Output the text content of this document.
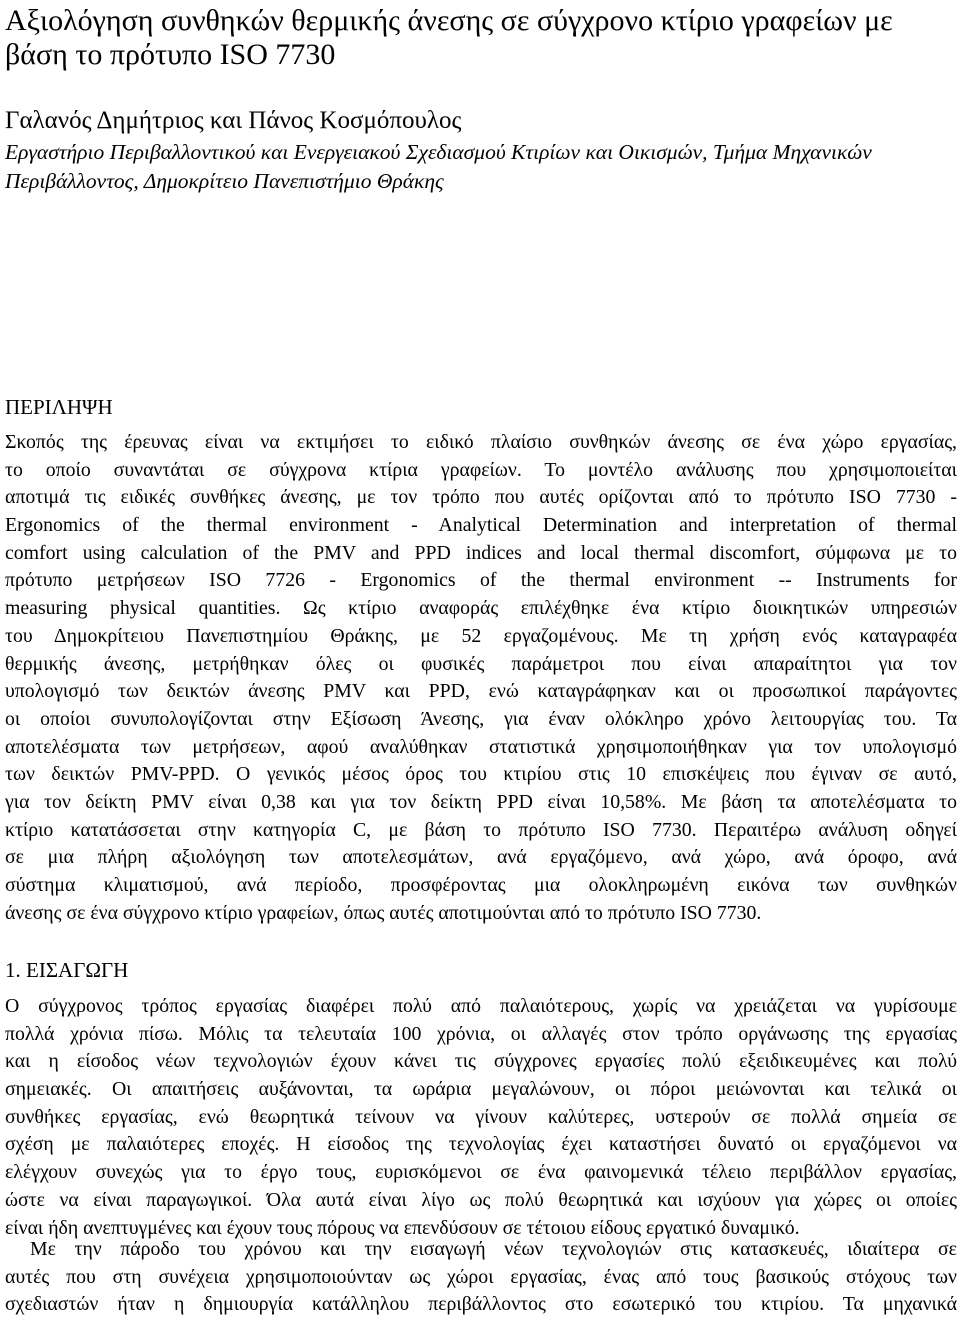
Αξιολόγηση συνθηκών θερμικής άνεσης σε σύγχρονο κτίριο γραφείων με
βάση το πρότυπο ISO 7730

Γαλανός Δημήτριος και Πάνος Κοσμόπουλος

Εργαστήριο Περιβαλλοντικού και Ενεργειακού Σχεδιασμού Κτιρίων και Οικισμών, Τμήμα Μηχανικών
Περιβάλλοντος, Δημοκρίτειο Πανεπιστήμιο Θράκης

ΠΕΡΙΛΗΨΗ

Σκοπός της έρευνας είναι να εκτιμήσει το ειδικό πλαίσιο συνθηκών άνεσης σε ένα χώρο εργασίας,
το οποίο συναντάται σε σύγχρονα κτίρια γραφείων. Το μοντέλο ανάλυσης που χρησιμοποιείται
αποτιμά τις ειδικές συνθήκες άνεσης, με τον τρόπο που αυτές ορίζονται από το πρότυπο ISO 7730 -
Ergonomics of the thermal environment - Analytical Determination and interpretation of thermal
comfort using calculation of the PMV and PPD indices and local thermal discomfort, σύμφωνα με το
πρότυπο μετρήσεων ISO 7726 - Ergonomics of the thermal environment -- Instruments for
measuring physical quantities. Ως κτίριο αναφοράς επιλέχθηκε ένα κτίριο διοικητικών υπηρεσιών
του Δημοκρίτειου Πανεπιστημίου Θράκης, με 52 εργαζομένους. Με τη χρήση ενός καταγραφέα
θερμικής άνεσης, μετρήθηκαν όλες οι φυσικές παράμετροι που είναι απαραίτητοι για τον
υπολογισμό των δεικτών άνεσης PMV και PPD, ενώ καταγράφηκαν και οι προσωπικοί παράγοντες
οι οποίοι συνυπολογίζονται στην Εξίσωση Άνεσης, για έναν ολόκληρο χρόνο λειτουργίας του. Τα
αποτελέσματα των μετρήσεων, αφού αναλύθηκαν στατιστικά χρησιμοποιήθηκαν για τον υπολογισμό
των δεικτών PMV-PPD. Ο γενικός μέσος όρος του κτιρίου στις 10 επισκέψεις που έγιναν σε αυτό,
για τον δείκτη PMV είναι 0,38 και για τον δείκτη PPD είναι 10,58%. Με βάση τα αποτελέσματα το
κτίριο κατατάσσεται στην κατηγορία C, με βάση το πρότυπο ISO 7730. Περαιτέρω ανάλυση οδηγεί
σε μια πλήρη αξιολόγηση των αποτελεσμάτων, ανά εργαζόμενο, ανά χώρο, ανά όροφο, ανά
σύστημα κλιματισμού, ανά περίοδο, προσφέροντας μια ολοκληρωμένη εικόνα των συνθηκών
άνεσης σε ένα σύγχρονο κτίριο γραφείων, όπως αυτές αποτιμούνται από το πρότυπο ISO 7730.

1. ΕΙΣΑΓΩΓΗ

Ο σύγχρονος τρόπος εργασίας διαφέρει πολύ από παλαιότερους, χωρίς να χρειάζεται να γυρίσουμε
πολλά χρόνια πίσω. Μόλις τα τελευταία 100 χρόνια, οι αλλαγές στον τρόπο οργάνωσης της εργασίας
και η είσοδος νέων τεχνολογιών έχουν κάνει τις σύγχρονες εργασίες πολύ εξειδικευμένες και πολύ
σημειακές. Οι απαιτήσεις αυξάνονται, τα ωράρια μεγαλώνουν, οι πόροι μειώνονται και τελικά οι
συνθήκες εργασίας, ενώ θεωρητικά τείνουν να γίνουν καλύτερες, υστερούν σε πολλά σημεία σε
σχέση με παλαιότερες εποχές. Η είσοδος της τεχνολογίας έχει καταστήσει δυνατό οι εργαζόμενοι να
ελέγχουν συνεχώς για το έργο τους, ευρισκόμενοι σε ένα φαινομενικά τέλειο περιβάλλον εργασίας,
ώστε να είναι παραγωγικοί. Όλα αυτά είναι λίγο ως πολύ θεωρητικά και ισχύουν για χώρες οι οποίες
είναι ήδη ανεπτυγμένες και έχουν τους πόρους να επενδύσουν σε τέτοιου είδους εργατικό δυναμικό.

Με την πάροδο του χρόνου και την εισαγωγή νέων τεχνολογιών στις κατασκευές, ιδιαίτερα σε
αυτές που στη συνέχεια χρησιμοποιούνταν ως χώροι εργασίας, ένας από τους βασικούς στόχους των
σχεδιαστών ήταν η δημιουργία κατάλληλου περιβάλλοντος στο εσωτερικό του κτιρίου. Τα μηχανικά
